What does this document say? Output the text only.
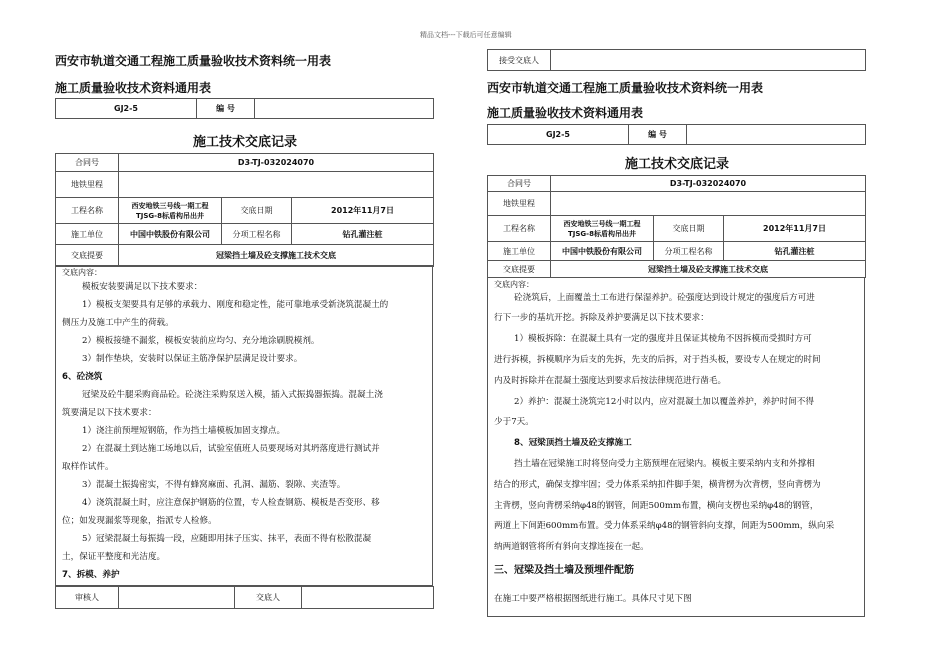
精品文档---下载后可任意编辑
西安市轨道交通工程施工质量验收技术资料统一用表
施工质量验收技术资料通用表
GJ2-5	编 号	
施工技术交底记录
合同号	D3-TJ-032024070		
地铁里程			
工程名称	西安地铁三号线一期工程
TJSG-8标盾构吊出井	交底日期	2012年11月7日
施工单位	中国中铁股份有限公司	分项工程名称	钻孔灌注桩
交底提要	冠梁挡土墙及砼支撑施工技术交底		
交底内容：
模板安装要满足以下技术要求：
1）模板支架要具有足够的承载力、刚度和稳定性，能可靠地承受新浇筑混凝土的
侧压力及施工中产生的荷载。
2）模板接缝不漏浆，模板安装前应均匀、充分地涂刷脱模剂。
3）制作垫块，安装时以保证主筋净保护层满足设计要求。
6、砼浇筑
冠梁及砼牛腿采购商品砼。砼浇注采购泵送入模，插入式振捣器振捣。混凝土浇
筑要满足以下技术要求：
1）浇注前预埋短钢筋，作为挡土墙模板加固支撑点。
2）在混凝土到达施工场地以后，试验室值班人员要现场对其坍落度进行测试并
取样作试件。
3）混凝土振捣密实，不得有蜂窝麻面、孔洞、漏筋、裂隙、夹渣等。
4）浇筑混凝土时，应注意保护钢筋的位置，专人检查钢筋、模板是否变形、移
位；如发现漏浆等现象，指派专人检修。
5）冠梁混凝土每振捣一段，应随即用抹子压实、抹平，表面不得有松散混凝
土，保证平整度和光洁度。
7、拆模、养护
审核人		交底人	
接受交底人	
西安市轨道交通工程施工质量验收技术资料统一用表
施工质量验收技术资料通用表
GJ2-5	编 号	
施工技术交底记录
合同号	D3-TJ-032024070		
地铁里程			
工程名称	西安地铁三号线一期工程
TJSG-8标盾构吊出井	交底日期	2012年11月7日
施工单位	中国中铁股份有限公司	分项工程名称	钻孔灌注桩
交底提要	冠梁挡土墙及砼支撑施工技术交底		
交底内容：
砼浇筑后，上面覆盖土工布进行保湿养护。砼强度达到设计规定的强度后方可进
行下一步的基坑开挖。拆除及养护要满足以下技术要求：
1）模板拆除：在混凝土具有一定的强度并且保证其棱角不因拆模而受损时方可
进行拆模，拆模顺序为后支的先拆，先支的后拆，对于挡头板，要设专人在规定的时间
内及时拆除并在混凝土强度达到要求后按法律规范进行凿毛。
2）养护：混凝土浇筑完12小时以内，应对混凝土加以覆盖养护，养护时间不得
少于7天。
8、冠梁顶挡土墙及砼支撑施工
挡土墙在冠梁施工时将竖向受力主筋预埋在冠梁内。模板主要采纳内支和外撑相
结合的形式，确保支撑牢固；受力体系采纳扣件脚手架，横背楞为次背楞，竖向背楞为
主背楞，竖向背楞采纳φ48的钢管，间距500mm布置，横向支楞也采纳φ48的钢管，
两道上下间距600mm布置。受力体系采纳φ48的钢管斜向支撑，间距为500mm，纵向采
纳两道钢管将所有斜向支撑连接在一起。
三、冠梁及挡土墙及预埋件配筋
在施工中要严格根据图纸进行施工。具体尺寸见下图
